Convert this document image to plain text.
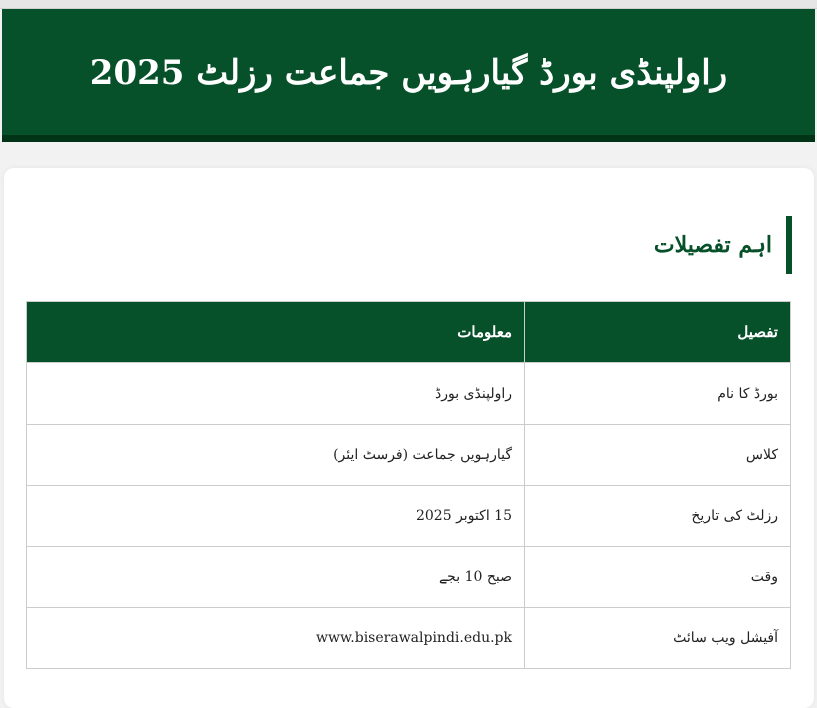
راولپنڈی بورڈ گیارہویں جماعت رزلٹ 2025
اہم تفصیلات
تفصیل	معلومات
بورڈ کا نام	راولپنڈی بورڈ
کلاس	گیارہویں جماعت (فرسٹ ایئر)
رزلٹ کی تاریخ	15 اکتوبر 2025
وقت	صبح 10 بجے
آفیشل ویب سائٹ	www.biserawalpindi.edu.pk
